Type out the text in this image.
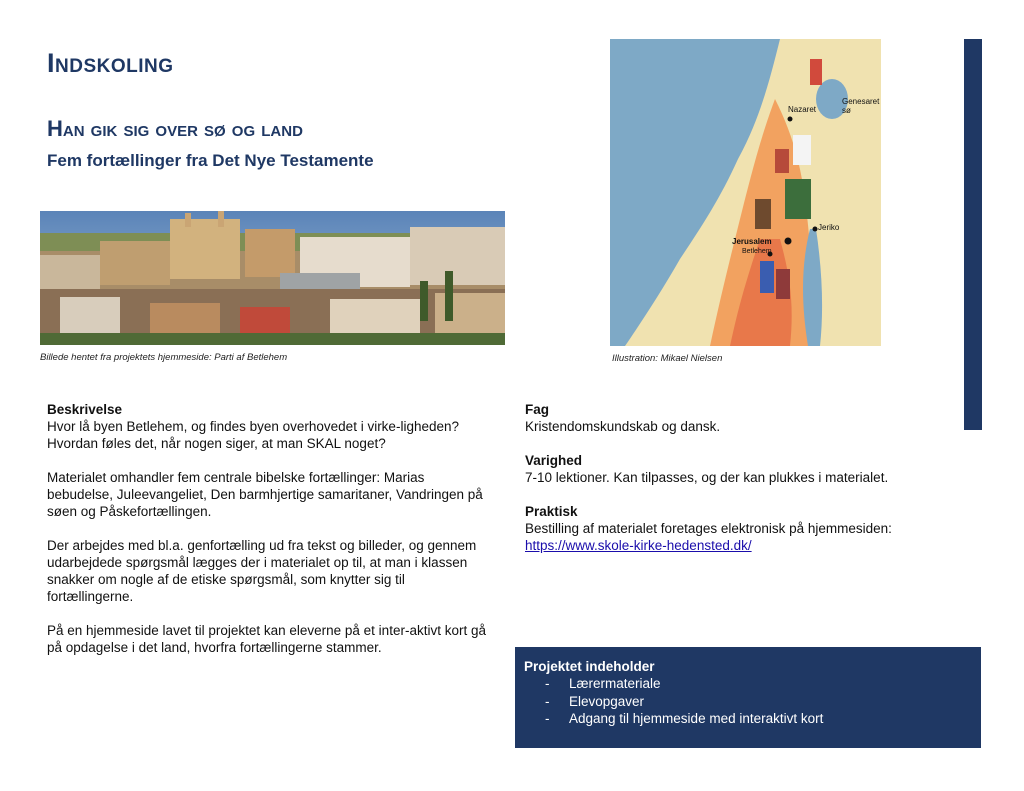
Indskoling
Han gik sig over sø og land
Fem fortællinger fra Det Nye Testamente
Billede hentet fra projektets hjemmeside: Parti af Betlehem
Nazaret
Genesaret sø
Jeriko
Jerusalem
Betlehem
Illustration: Mikael Nielsen

Beskrivelse
Hvor lå byen Betlehem, og findes byen overhovedet i virke-ligheden? Hvordan føles det, når nogen siger, at man SKAL noget?

Materialet omhandler fem centrale bibelske fortællinger: Marias bebudelse, Juleevangeliet, Den barmhjertige samaritaner, Vandringen på søen og Påskefortællingen.

Der arbejdes med bl.a. genfortælling ud fra tekst og billeder, og gennem udarbejdede spørgsmål lægges der i materialet op til, at man i klassen snakker om nogle af de etiske spørgsmål, som knytter sig til fortællingerne.

På en hjemmeside lavet til projektet kan eleverne på et inter-aktivt kort gå på opdagelse i det land, hvorfra fortællingerne stammer.

Fag
Kristendomskundskab og dansk.

Varighed
7-10 lektioner. Kan tilpasses, og der kan plukkes i materialet.

Praktisk
Bestilling af materialet foretages elektronisk på hjemmesiden:
https://www.skole-kirke-hedensted.dk/

Projektet indeholder
-	Lærermateriale
-	Elevopgaver
-	Adgang til hjemmeside med interaktivt kort
